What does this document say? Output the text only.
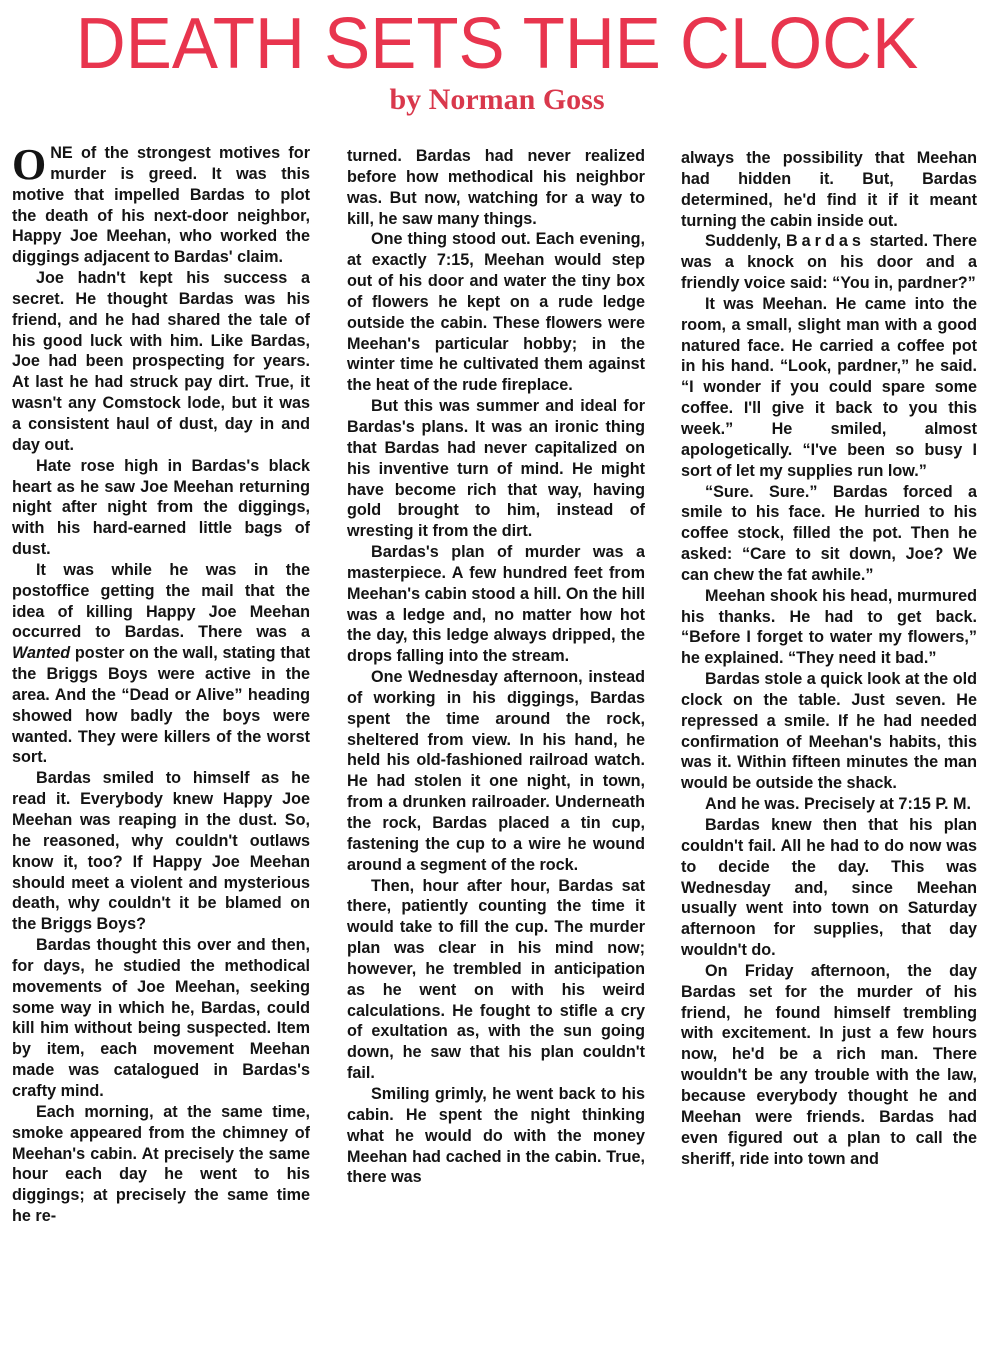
DEATH SETS THE CLOCK
by Norman Goss

ONE of the strongest motives for murder is greed. It was this motive that impelled Bardas to plot the death of his next-door neighbor, Happy Joe Meehan, who worked the diggings adjacent to Bardas' claim.

Joe hadn't kept his success a secret. He thought Bardas was his friend, and he had shared the tale of his good luck with him. Like Bardas, Joe had been prospecting for years. At last he had struck pay dirt. True, it wasn't any Comstock lode, but it was a consistent haul of dust, day in and day out.

Hate rose high in Bardas's black heart as he saw Joe Meehan returning night after night from the diggings, with his hard-earned little bags of dust.

It was while he was in the postoffice getting the mail that the idea of killing Happy Joe Meehan occurred to Bardas. There was a Wanted poster on the wall, stating that the Briggs Boys were active in the area. And the “Dead or Alive” heading showed how badly the boys were wanted. They were killers of the worst sort.

Bardas smiled to himself as he read it. Everybody knew Happy Joe Meehan was reaping in the dust. So, he reasoned, why couldn't outlaws know it, too? If Happy Joe Meehan should meet a violent and mysterious death, why couldn't it be blamed on the Briggs Boys?

Bardas thought this over and then, for days, he studied the methodical movements of Joe Meehan, seeking some way in which he, Bardas, could kill him without being suspected. Item by item, each movement Meehan made was catalogued in Bardas's crafty mind.

Each morning, at the same time, smoke appeared from the chimney of Meehan's cabin. At precisely the same hour each day he went to his diggings; at precisely the same time he re-

turned. Bardas had never realized before how methodical his neighbor was. But now, watching for a way to kill, he saw many things.

One thing stood out. Each evening, at exactly 7:15, Meehan would step out of his door and water the tiny box of flowers he kept on a rude ledge outside the cabin. These flowers were Meehan's particular hobby; in the winter time he cultivated them against the heat of the rude fireplace.

But this was summer and ideal for Bardas's plans. It was an ironic thing that Bardas had never capitalized on his inventive turn of mind. He might have become rich that way, having gold brought to him, instead of wresting it from the dirt.

Bardas's plan of murder was a masterpiece. A few hundred feet from Meehan's cabin stood a hill. On the hill was a ledge and, no matter how hot the day, this ledge always dripped, the drops falling into the stream.

One Wednesday afternoon, instead of working in his diggings, Bardas spent the time around the rock, sheltered from view. In his hand, he held his old-fashioned railroad watch. He had stolen it one night, in town, from a drunken railroader. Underneath the rock, Bardas placed a tin cup, fastening the cup to a wire he wound around a segment of the rock.

Then, hour after hour, Bardas sat there, patiently counting the time it would take to fill the cup. The murder plan was clear in his mind now; however, he trembled in anticipation as he went on with his weird calculations. He fought to stifle a cry of exultation as, with the sun going down, he saw that his plan couldn't fail.

Smiling grimly, he went back to his cabin. He spent the night thinking what he would do with the money Meehan had cached in the cabin. True, there was

always the possibility that Meehan had hidden it. But, Bardas determined, he'd find it if it meant turning the cabin inside out.

Suddenly, Bardas started. There was a knock on his door and a friendly voice said: “You in, pardner?”

It was Meehan. He came into the room, a small, slight man with a good natured face. He carried a coffee pot in his hand. “Look, pardner,” he said. “I wonder if you could spare some coffee. I'll give it back to you this week.” He smiled, almost apologetically. “I've been so busy I sort of let my supplies run low.”

“Sure. Sure.” Bardas forced a smile to his face. He hurried to his coffee stock, filled the pot. Then he asked: “Care to sit down, Joe? We can chew the fat awhile.”

Meehan shook his head, murmured his thanks. He had to get back. “Before I forget to water my flowers,” he explained. “They need it bad.”

Bardas stole a quick look at the old clock on the table. Just seven. He repressed a smile. If he had needed confirmation of Meehan's habits, this was it. Within fifteen minutes the man would be outside the shack.

And he was. Precisely at 7:15 P. M.

Bardas knew then that his plan couldn't fail. All he had to do now was to decide the day. This was Wednesday and, since Meehan usually went into town on Saturday afternoon for supplies, that day wouldn't do.

On Friday afternoon, the day Bardas set for the murder of his friend, he found himself trembling with excitement. In just a few hours now, he'd be a rich man. There wouldn't be any trouble with the law, because everybody thought he and Meehan were friends. Bardas had even figured out a plan to call the sheriff, ride into town and
